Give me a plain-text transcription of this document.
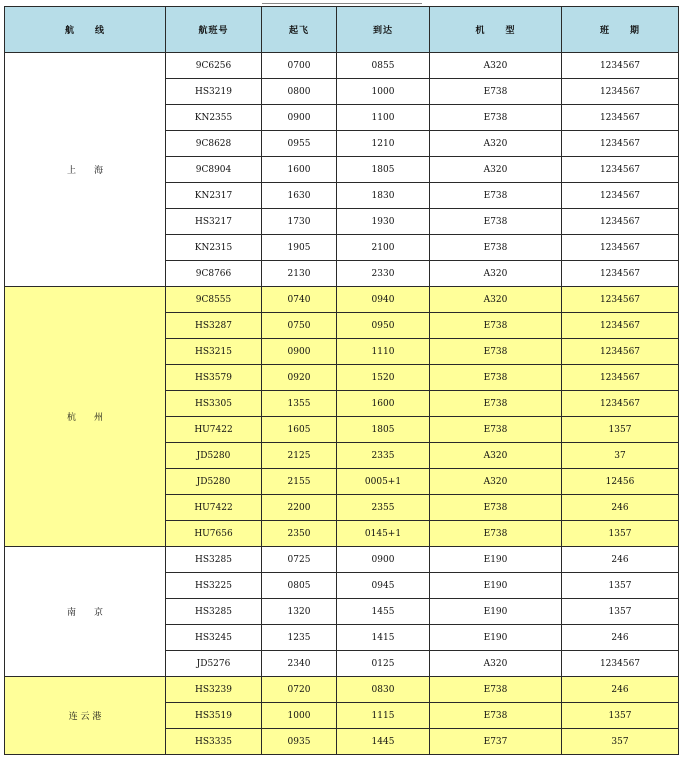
航　　线	航班号	起飞	到达	机　　型	班　　期
上　　海	9C6256	0700	0855	A320	1234567
	HS3219	0800	1000	E738	1234567
	KN2355	0900	1100	E738	1234567
	9C8628	0955	1210	A320	1234567
	9C8904	1600	1805	A320	1234567
	KN2317	1630	1830	E738	1234567
	HS3217	1730	1930	E738	1234567
	KN2315	1905	2100	E738	1234567
	9C8766	2130	2330	A320	1234567
杭　　州	9C8555	0740	0940	A320	1234567
	HS3287	0750	0950	E738	1234567
	HS3215	0900	1110	E738	1234567
	HS3579	0920	1520	E738	1234567
	HS3305	1355	1600	E738	1234567
	HU7422	1605	1805	E738	1357
	JD5280	2125	2335	A320	37
	JD5280	2155	0005+1	A320	12456
	HU7422	2200	2355	E738	246
	HU7656	2350	0145+1	E738	1357
南　　京	HS3285	0725	0900	E190	246
	HS3225	0805	0945	E190	1357
	HS3285	1320	1455	E190	1357
	HS3245	1235	1415	E190	246
	JD5276	2340	0125	A320	1234567
连 云 港	HS3239	0720	0830	E738	246
	HS3519	1000	1115	E738	1357
	HS3335	0935	1445	E737	357
